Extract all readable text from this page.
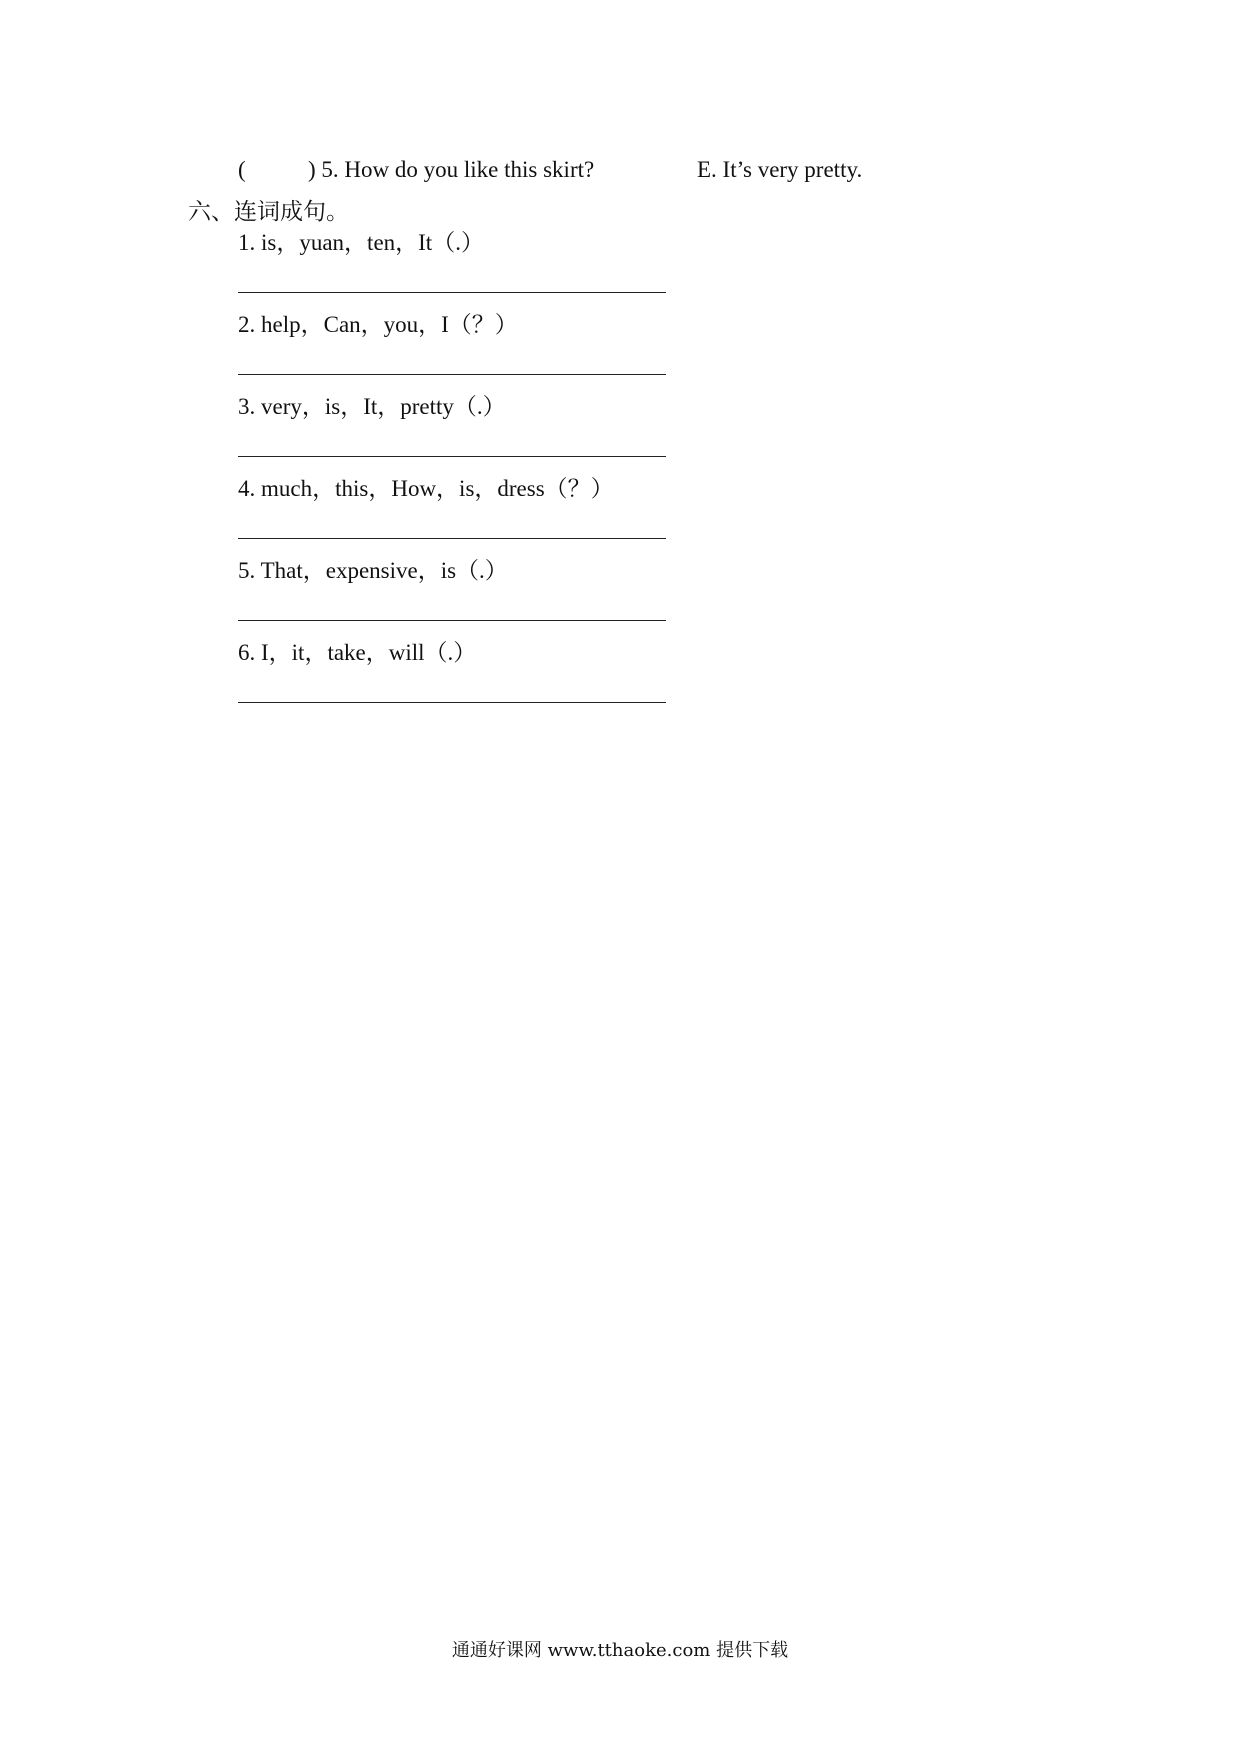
(	) 5. How do you like this skirt?	E. It’s very pretty.
六、连词成句。
1. is，yuan，ten，It（.）
2. help，Can，you，I（？）
3. very，is，It，pretty（.）
4. much，this，How，is，dress（？）
5. That，expensive，is（.）
6. I，it，take，will（.）
通通好课网 www.tthaoke.com 提供下载
